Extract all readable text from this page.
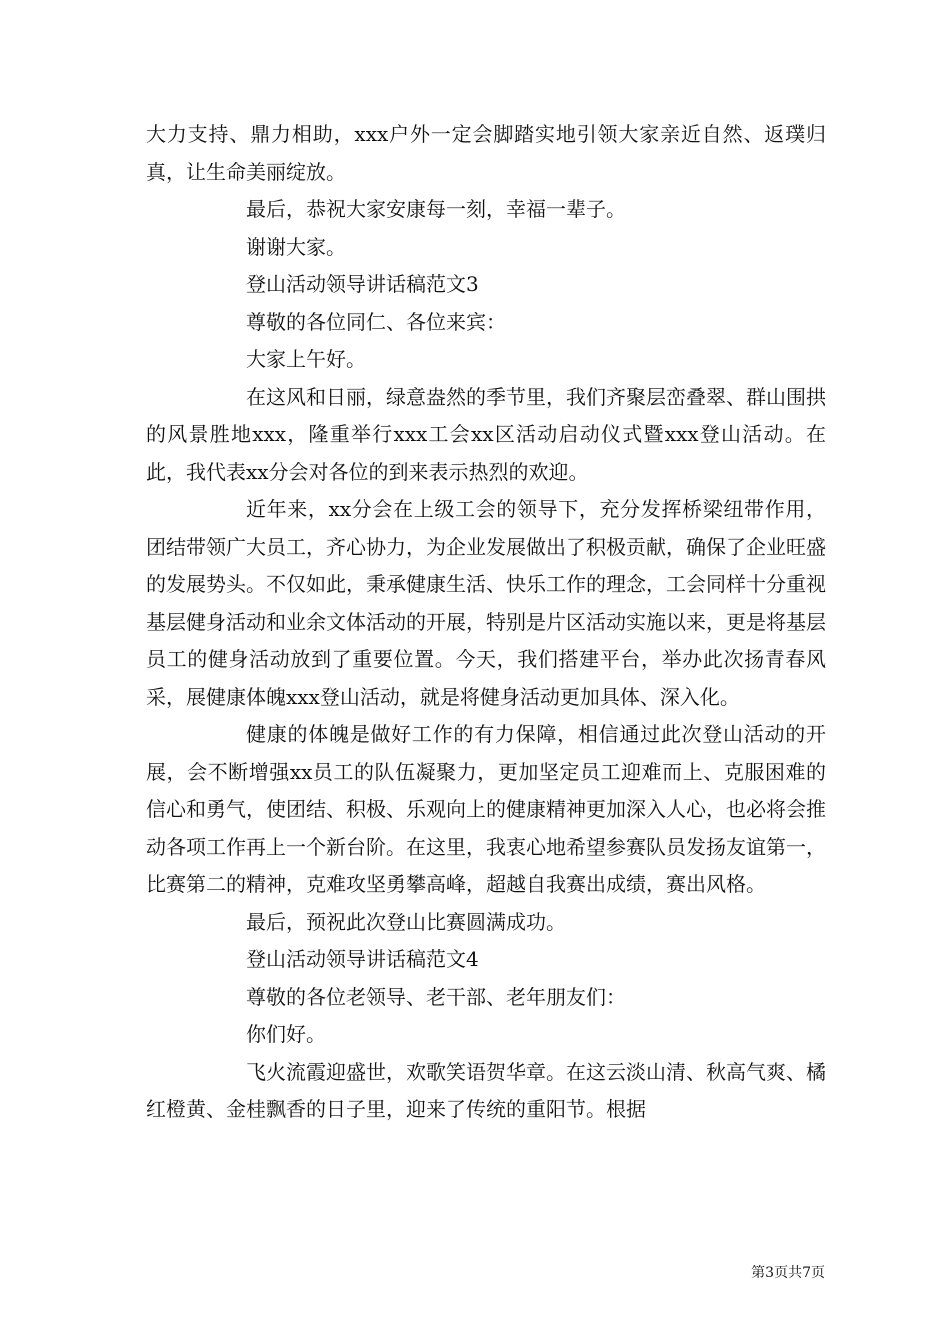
大力支持、鼎力相助，xxx户外一定会脚踏实地引领大家亲近自然、返璞归真，让生命美丽绽放。

最后，恭祝大家安康每一刻，幸福一辈子。

谢谢大家。

登山活动领导讲话稿范文3

尊敬的各位同仁、各位来宾：

大家上午好。

在这风和日丽，绿意盎然的季节里，我们齐聚层峦叠翠、群山围拱的风景胜地xxx，隆重举行xxx工会xx区活动启动仪式暨xxx登山活动。在此，我代表xx分会对各位的到来表示热烈的欢迎。

近年来，xx分会在上级工会的领导下，充分发挥桥梁纽带作用，团结带领广大员工，齐心协力，为企业发展做出了积极贡献，确保了企业旺盛的发展势头。不仅如此，秉承健康生活、快乐工作的理念，工会同样十分重视基层健身活动和业余文体活动的开展，特别是片区活动实施以来，更是将基层员工的健身活动放到了重要位置。今天，我们搭建平台，举办此次扬青春风采，展健康体魄xxx登山活动，就是将健身活动更加具体、深入化。

健康的体魄是做好工作的有力保障，相信通过此次登山活动的开展，会不断增强xx员工的队伍凝聚力，更加坚定员工迎难而上、克服困难的信心和勇气，使团结、积极、乐观向上的健康精神更加深入人心，也必将会推动各项工作再上一个新台阶。在这里，我衷心地希望参赛队员发扬友谊第一，比赛第二的精神，克难攻坚勇攀高峰，超越自我赛出成绩，赛出风格。

最后，预祝此次登山比赛圆满成功。

登山活动领导讲话稿范文4

尊敬的各位老领导、老干部、老年朋友们：

你们好。

飞火流霞迎盛世，欢歌笑语贺华章。在这云淡山清、秋高气爽、橘红橙黄、金桂飘香的日子里，迎来了传统的重阳节。根据

第3页共7页
